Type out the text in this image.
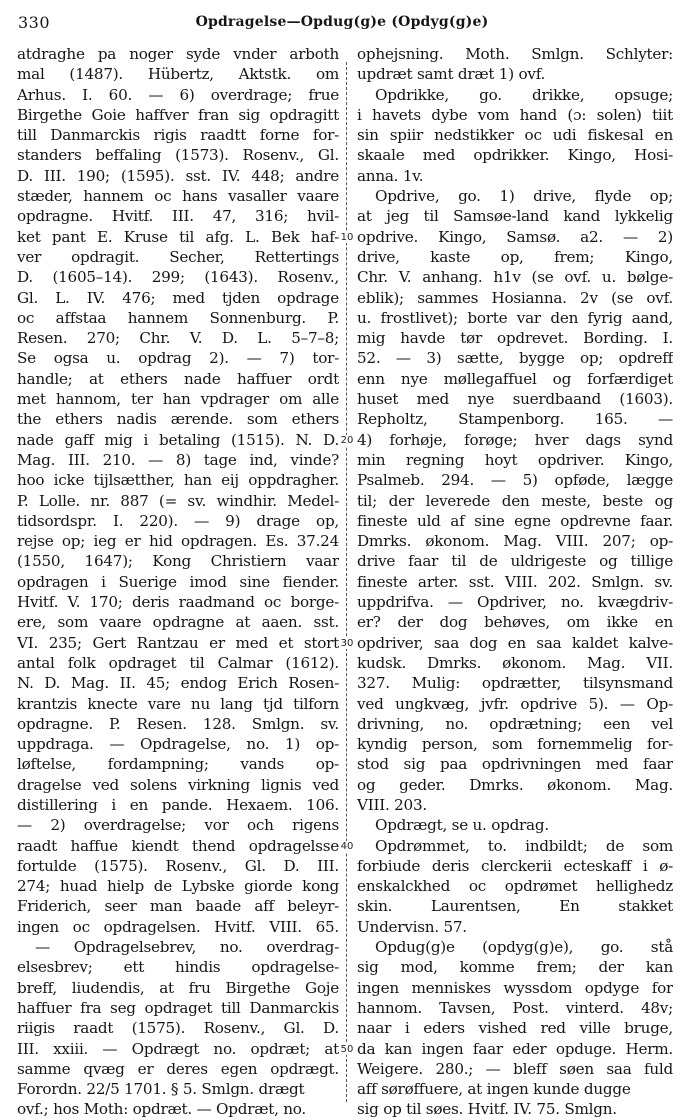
330	Opdragelse—Opdug(g)e (Opdyg(g)e)
10
20
30
40
50
atdraghe pa noger syde vnder arboth
mal (1487). Hübertz, Aktstk. om
Arhus. I. 60. — 6) overdrage; frue
Birgethe Goie haffver fran sig opdragitt
till Danmarckis rigis raadtt forne for-
standers beffaling (1573). Rosenv., Gl.
D. III. 190; (1595). sst. IV. 448; andre
stæder, hannem oc hans vasaller vaare
opdragne. Hvitf. III. 47, 316; hvil-
ket pant E. Kruse til afg. L. Bek haf-
ver opdragit. Secher, Rettertings
D. (1605–14). 299; (1643). Rosenv.,
Gl. L. IV. 476; med tjden opdrage
oc affstaa hannem Sonnenburg. P.
Resen. 270; Chr. V. D. L. 5–7–8;
Se ogsa u. opdrag 2). — 7) tor-
handle; at ethers nade haffuer ordt
met hannom, ter han vpdrager om alle
the ethers nadis ærende. som ethers
nade gaff mig i betaling (1515). N. D.
Mag. III. 210. — 8) tage ind, vinde?
hoo icke tijlsætther, han eij oppdragher.
P. Lolle. nr. 887 (= sv. windhir. Medel-
tidsordspr. I. 220). — 9) drage op,
rejse op; ieg er hid opdragen. Es. 37.24
(1550, 1647); Kong Christiern vaar
opdragen i Suerige imod sine fiender.
Hvitf. V. 170; deris raadmand oc borge-
ere, som vaare opdragne at aaen. sst.
VI. 235; Gert Rantzau er med et stort
antal folk opdraget til Calmar (1612).
N. D. Mag. II. 45; endog Erich Rosen-
krantzis knecte vare nu lang tjd tilforn
opdragne. P. Resen. 128. Smlgn. sv.
uppdraga. — Opdragelse, no. 1) op-
løftelse, fordampning; vands op-
dragelse ved solens virkning lignis ved
distillering i en pande. Hexaem. 106.
— 2) overdragelse; vor och rigens
raadt haffue kiendt thend opdragelsse
fortulde (1575). Rosenv., Gl. D. III.
274; huad hielp de Lybske giorde kong
Friderich, seer man baade aff beleyr-
ingen oc opdragelsen. Hvitf. VIII. 65.
— Opdragelsebrev, no. overdrag-
elsesbrev; ett hindis opdragelse-
breff, liudendis, at fru Birgethe Goje
haffuer fra seg opdraget till Danmarckis
riigis raadt (1575). Rosenv., Gl. D.
III. xxiii. — Opdrægt no. opdræt; at
samme qvæg er deres egen opdrægt.
Forordn. 22/5 1701. § 5. Smlgn. drægt
ovf.; hos Moth: opdræt. — Opdræt, no.
ophejsning. Moth. Smlgn. Schlyter:
updræt samt dræt 1) ovf.
Opdrikke, go. drikke, opsuge;
i havets dybe vom hand (ɔ: solen) tiit
sin spiir nedstikker oc udi fiskesal en
skaale med opdrikker. Kingo, Hosi-
anna. 1v.
Opdrive, go. 1) drive, flyde op;
at jeg til Samsøe-land kand lykkelig
opdrive. Kingo, Samsø. a2. — 2)
drive, kaste op, frem; Kingo,
Chr. V. anhang. h1v (se ovf. u. bølge-
eblik); sammes Hosianna. 2v (se ovf.
u. frostlivet); borte var den fyrig aand,
mig havde tør opdrevet. Bording. I.
52. — 3) sætte, bygge op; opdreff
enn nye møllegaffuel og forfærdiget
huset med nye suerdbaand (1603).
Repholtz, Stampenborg. 165. —
4) forhøje, forøge; hver dags synd
min regning hoyt opdriver. Kingo,
Psalmeb. 294. — 5) opføde, lægge
til; der leverede den meste, beste og
fineste uld af sine egne opdrevne faar.
Dmrks. økonom. Mag. VIII. 207; op-
drive faar til de uldrigeste og tillige
fineste arter. sst. VIII. 202. Smlgn. sv.
uppdrifva. — Opdriver, no. kvægdriv-
er? der dog behøves, om ikke en
opdriver, saa dog en saa kaldet kalve-
kudsk. Dmrks. økonom. Mag. VII.
327. Mulig: opdrætter, tilsynsmand
ved ungkvæg, jvfr. opdrive 5). — Op-
drivning, no. opdrætning; een vel
kyndig person, som fornemmelig for-
stod sig paa opdrivningen med faar
og geder. Dmrks. økonom. Mag.
VIII. 203.
Opdrægt, se u. opdrag.
Opdrømmet, to. indbildt; de som
forbiude deris clerckerii ecteskaff i ø-
enskalckhed oc opdrømet hellighedz
skin. Laurentsen, En stakket
Undervisn. 57.
Opdug(g)e (opdyg(g)e), go. stå
sig mod, komme frem; der kan
ingen menniskes wyssdom opdyge for
hannom. Tavsen, Post. vinterd. 48v;
naar i eders vished red ville bruge,
da kan ingen faar eder opduge. Herm.
Weigere. 280.; — bleff søen saa fuld
aff sørøffuere, at ingen kunde dugge
sig op til søes. Hvitf. IV. 75. Smlgn.
